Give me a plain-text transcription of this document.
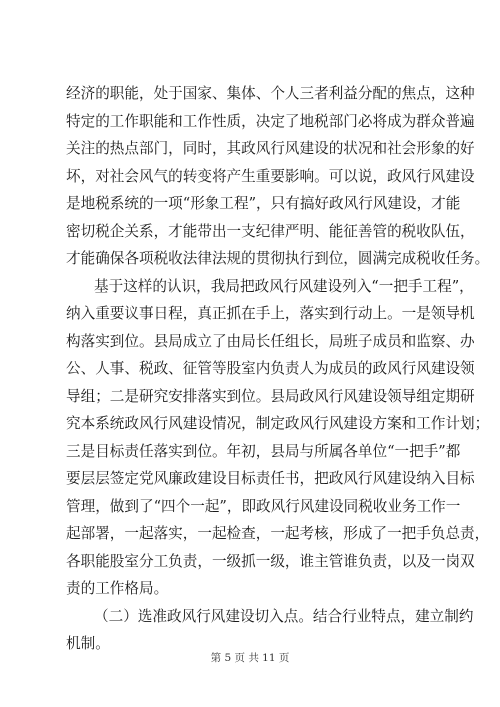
经济的职能，处于国家、集体、个人三者利益分配的焦点，这种
特定的工作职能和工作性质，决定了地税部门必将成为群众普遍
关注的热点部门，同时，其政风行风建设的状况和社会形象的好
坏，对社会风气的转变将产生重要影响。可以说，政风行风建设
是地税系统的一项“形象工程”，只有搞好政风行风建设，才能
密切税企关系，才能带出一支纪律严明、能征善管的税收队伍，
才能确保各项税收法律法规的贯彻执行到位，圆满完成税收任务。
基于这样的认识，我局把政风行风建设列入“一把手工程”，
纳入重要议事日程，真正抓在手上，落实到行动上。一是领导机
构落实到位。县局成立了由局长任组长，局班子成员和监察、办
公、人事、税政、征管等股室内负责人为成员的政风行风建设领
导组；二是研究安排落实到位。县局政风行风建设领导组定期研
究本系统政风行风建设情况，制定政风行风建设方案和工作计划；
三是目标责任落实到位。年初，县局与所属各单位“一把手”都
要层层签定党风廉政建设目标责任书，把政风行风建设纳入目标
管理，做到了“四个一起”，即政风行风建设同税收业务工作一
起部署，一起落实，一起检查，一起考核，形成了一把手负总责，
各职能股室分工负责，一级抓一级，谁主管谁负责，以及一岗双
责的工作格局。
（二）选准政风行风建设切入点。结合行业特点，建立制约
机制。
第 5 页 共 11 页
